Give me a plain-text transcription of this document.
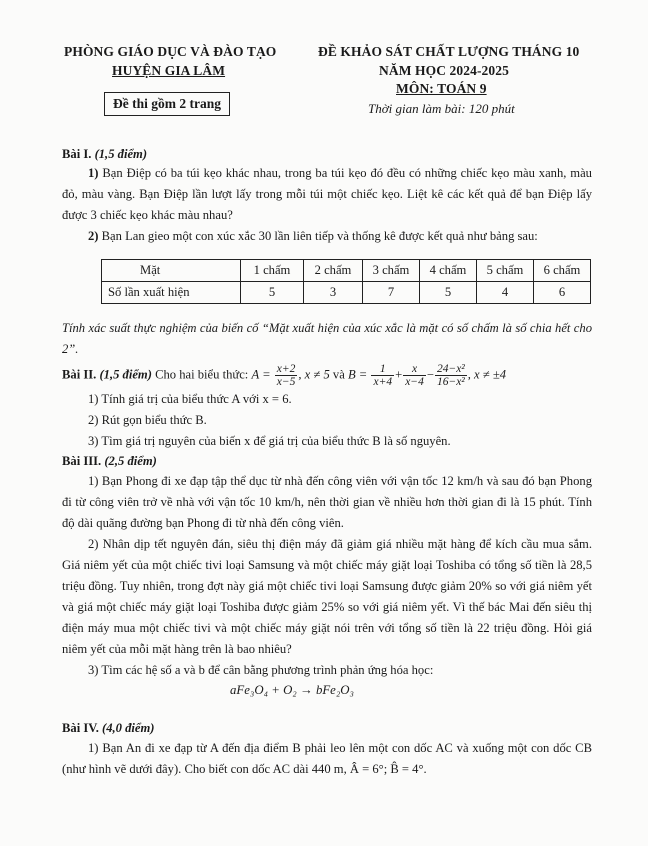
PHÒNG GIÁO DỤC VÀ ĐÀO TẠO
HUYỆN GIA LÂM
Đề thi gồm 2 trang
ĐỀ KHẢO SÁT CHẤT LƯỢNG THÁNG 10
NĂM HỌC 2024-2025
MÔN: TOÁN 9
Thời gian làm bài: 120 phút
Bài I. (1,5 điểm)
1) Bạn Điệp có ba túi kẹo khác nhau, trong ba túi kẹo đó đều có những chiếc kẹo màu xanh, màu đỏ, màu vàng. Bạn Điệp lần lượt lấy trong mỗi túi một chiếc kẹo. Liệt kê các kết quả để bạn Điệp lấy được 3 chiếc kẹo khác màu nhau?
2) Bạn Lan gieo một con xúc xắc 30 lần liên tiếp và thống kê được kết quả như bảng sau:
Mặt	1 chấm	2 chấm	3 chấm	4 chấm	5 chấm	6 chấm
Số lần xuất hiện	5	3	7	5	4	6
Tính xác suất thực nghiệm của biến cố “Mặt xuất hiện của xúc xắc là mặt có số chấm là số chia hết cho 2”.
Bài II. (1,5 điểm) Cho hai biểu thức: $A = \frac{x+2}{x-5}$ , x ≠ 5 và $B = \frac{1}{x+4} + \frac{x}{x-4} - \frac{\text{24−x²}}{\text{16−x²}}$ , x ≠ ±4
1) Tính giá trị của biểu thức A với x = 6.
2) Rút gọn biểu thức B.
3) Tìm giá trị nguyên của biến x để giá trị của biểu thức B là số nguyên.
Bài III. (2,5 điểm)
1) Bạn Phong đi xe đạp tập thể dục từ nhà đến công viên với vận tốc 12 km/h và sau đó bạn Phong đi từ công viên trở về nhà với vận tốc 10 km/h, nên thời gian về nhiều hơn thời gian đi là 15 phút. Tính độ dài quãng đường bạn Phong đi từ nhà đến công viên.
2) Nhân dịp tết nguyên đán, siêu thị điện máy đã giảm giá nhiều mặt hàng để kích cầu mua sắm. Giá niêm yết của một chiếc tivi loại Samsung và một chiếc máy giặt loại Toshiba có tổng số tiền là 28,5 triệu đồng. Tuy nhiên, trong đợt này giá một chiếc tivi loại Samsung được giảm 20% so với giá niêm yết và giá một chiếc máy giặt loại Toshiba được giảm 25% so với giá niêm yết. Vì thế bác Mai đến siêu thị điện máy mua một chiếc tivi và một chiếc máy giặt nói trên với tổng số tiền là 22 triệu đồng. Hỏi giá niêm yết của mỗi mặt hàng trên là bao nhiêu?
3) Tìm các hệ số a và b để cân bằng phương trình phản ứng hóa học:
aFe₃O₄ + O₂ → bFe₂O₃
Bài IV. (4,0 điểm)
1) Bạn An đi xe đạp từ A đến địa điểm B phải leo lên một con dốc AC và xuống một con dốc CB (như hình vẽ dưới đây). Cho biết con dốc AC dài 440 m, Â = 6°; B̂ = 4°.
